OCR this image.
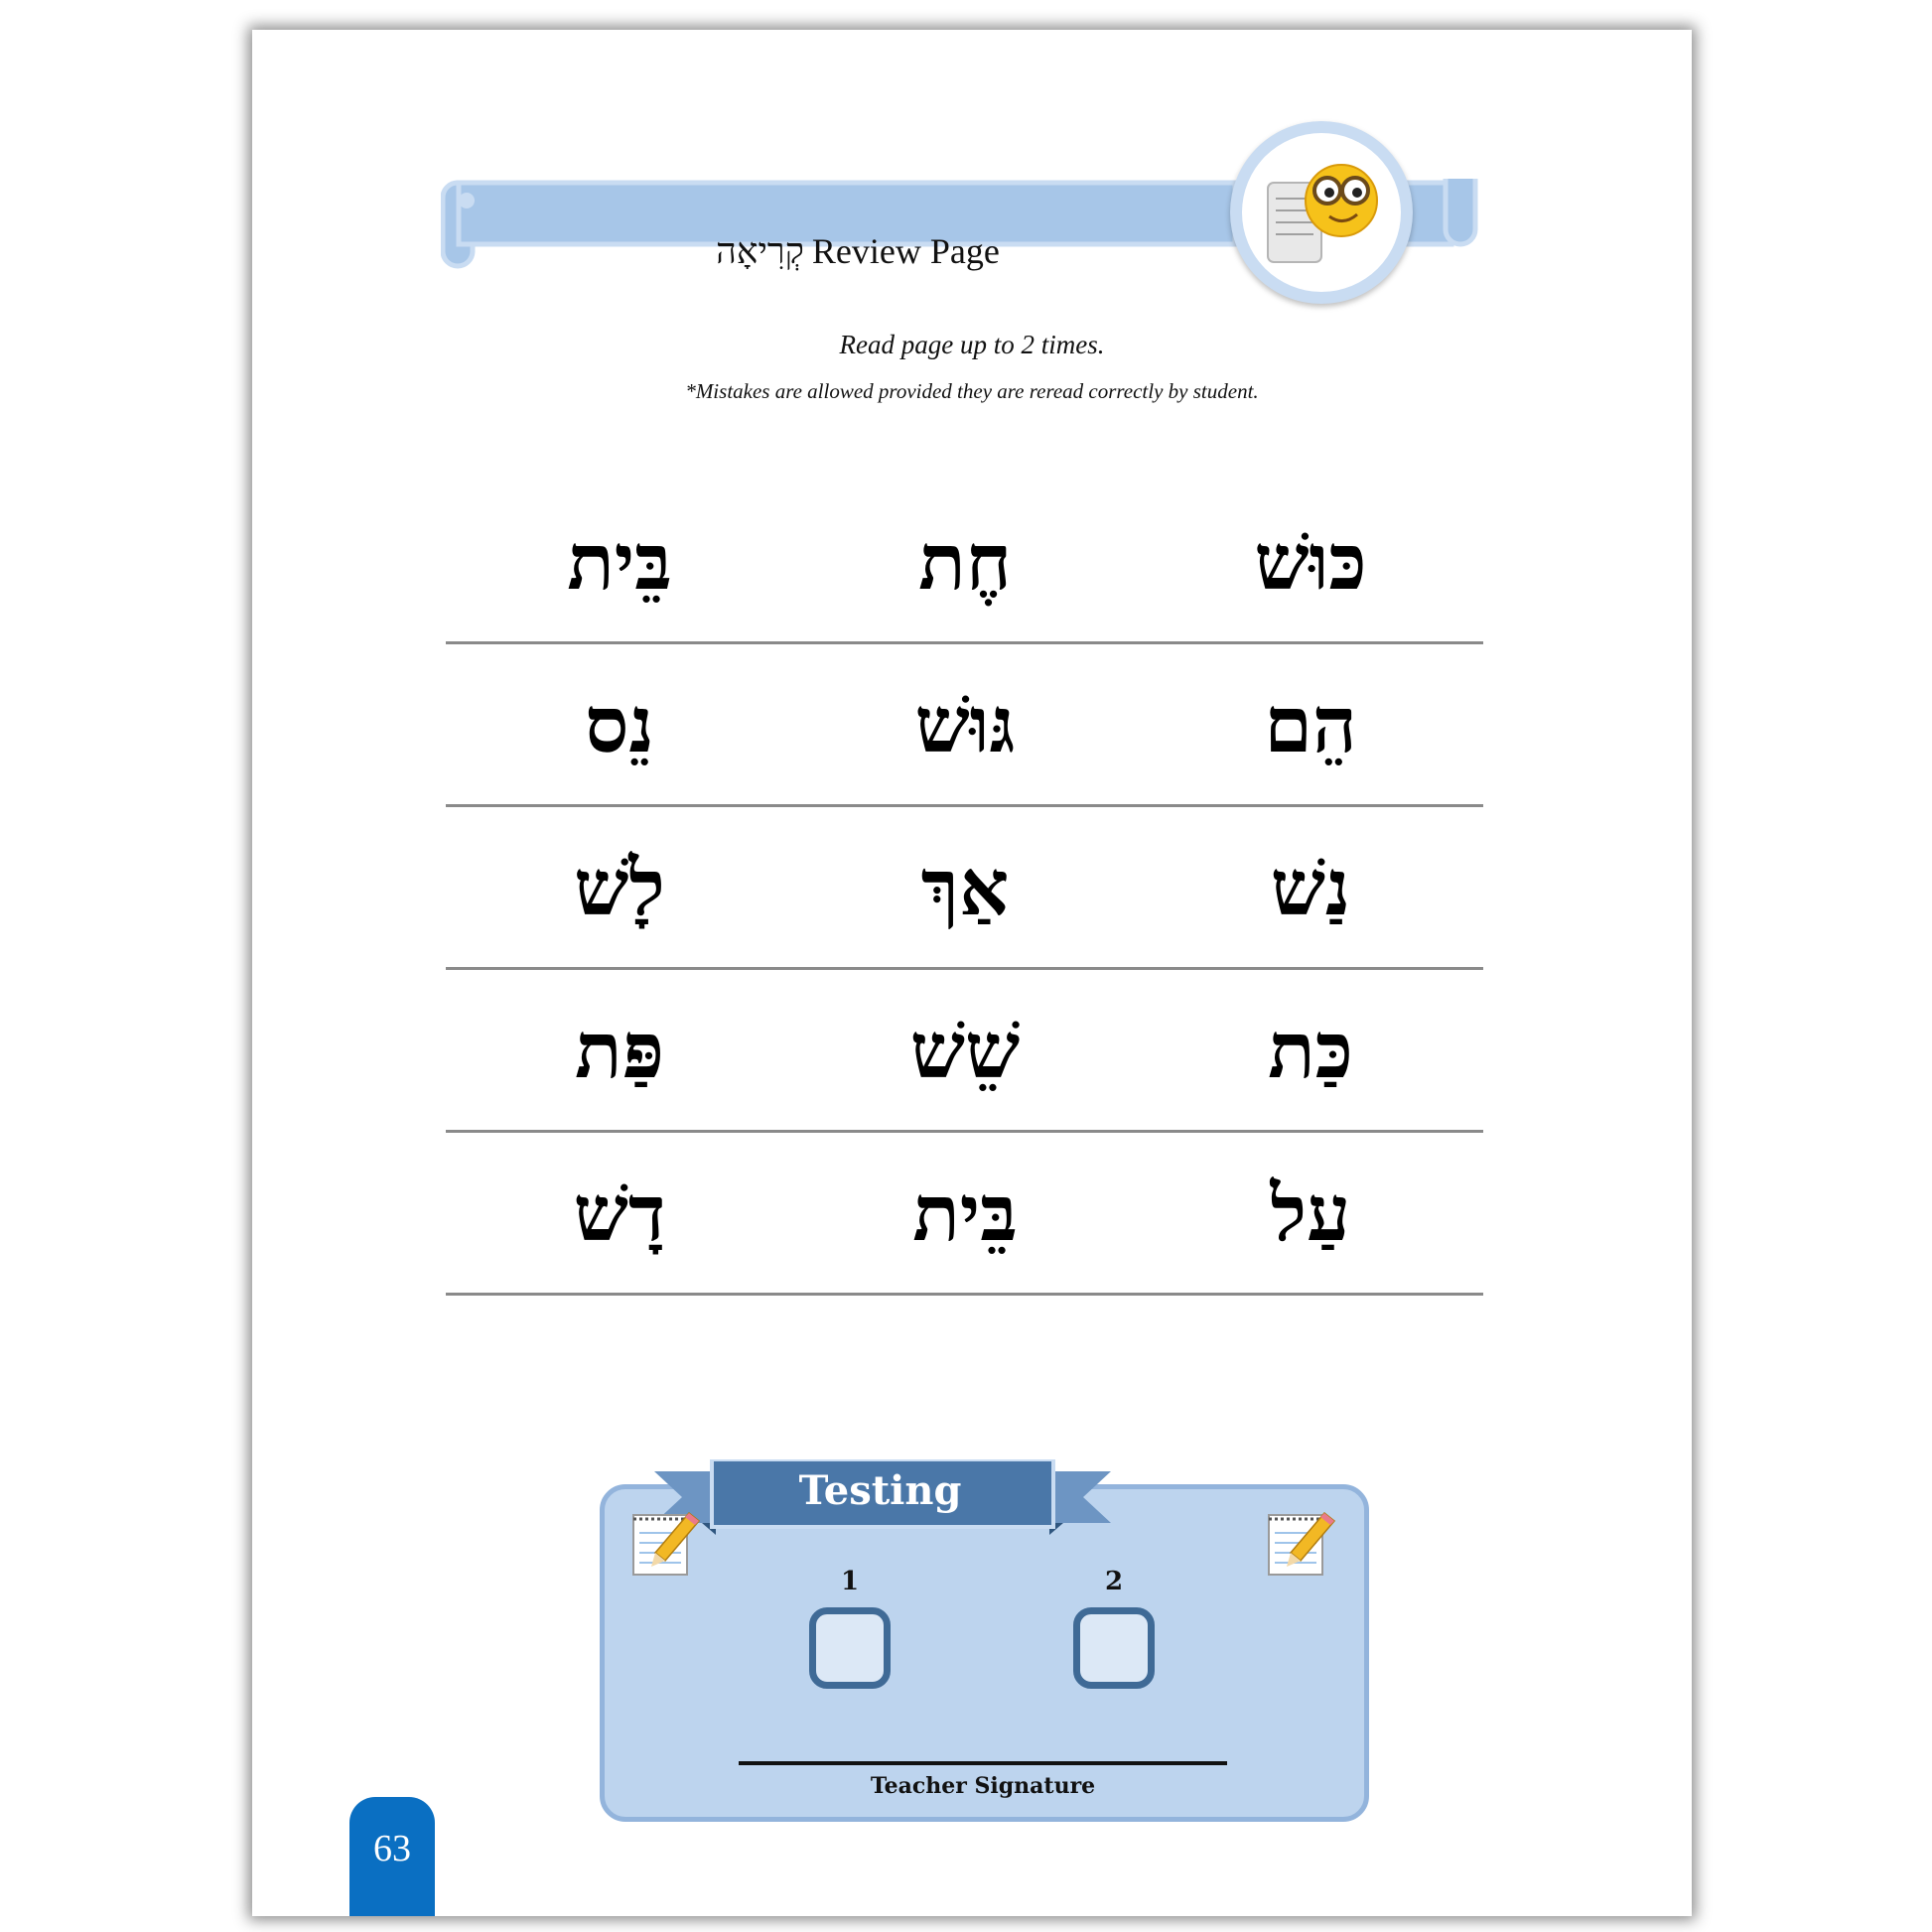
קְרִיאָה Review Page
Read page up to 2 times.
*Mistakes are allowed provided they are reread correctly by student.
כּוּשׁ
חֶת
בֵּית
הֵם
גּוּשׁ
נֵס
נַשׁ
אַךְ
לָשׁ
כַּת
שֵׁשׁ
פַּת
עַל
בֵּית
דָשׁ
Testing
1	2
Teacher Signature
63
